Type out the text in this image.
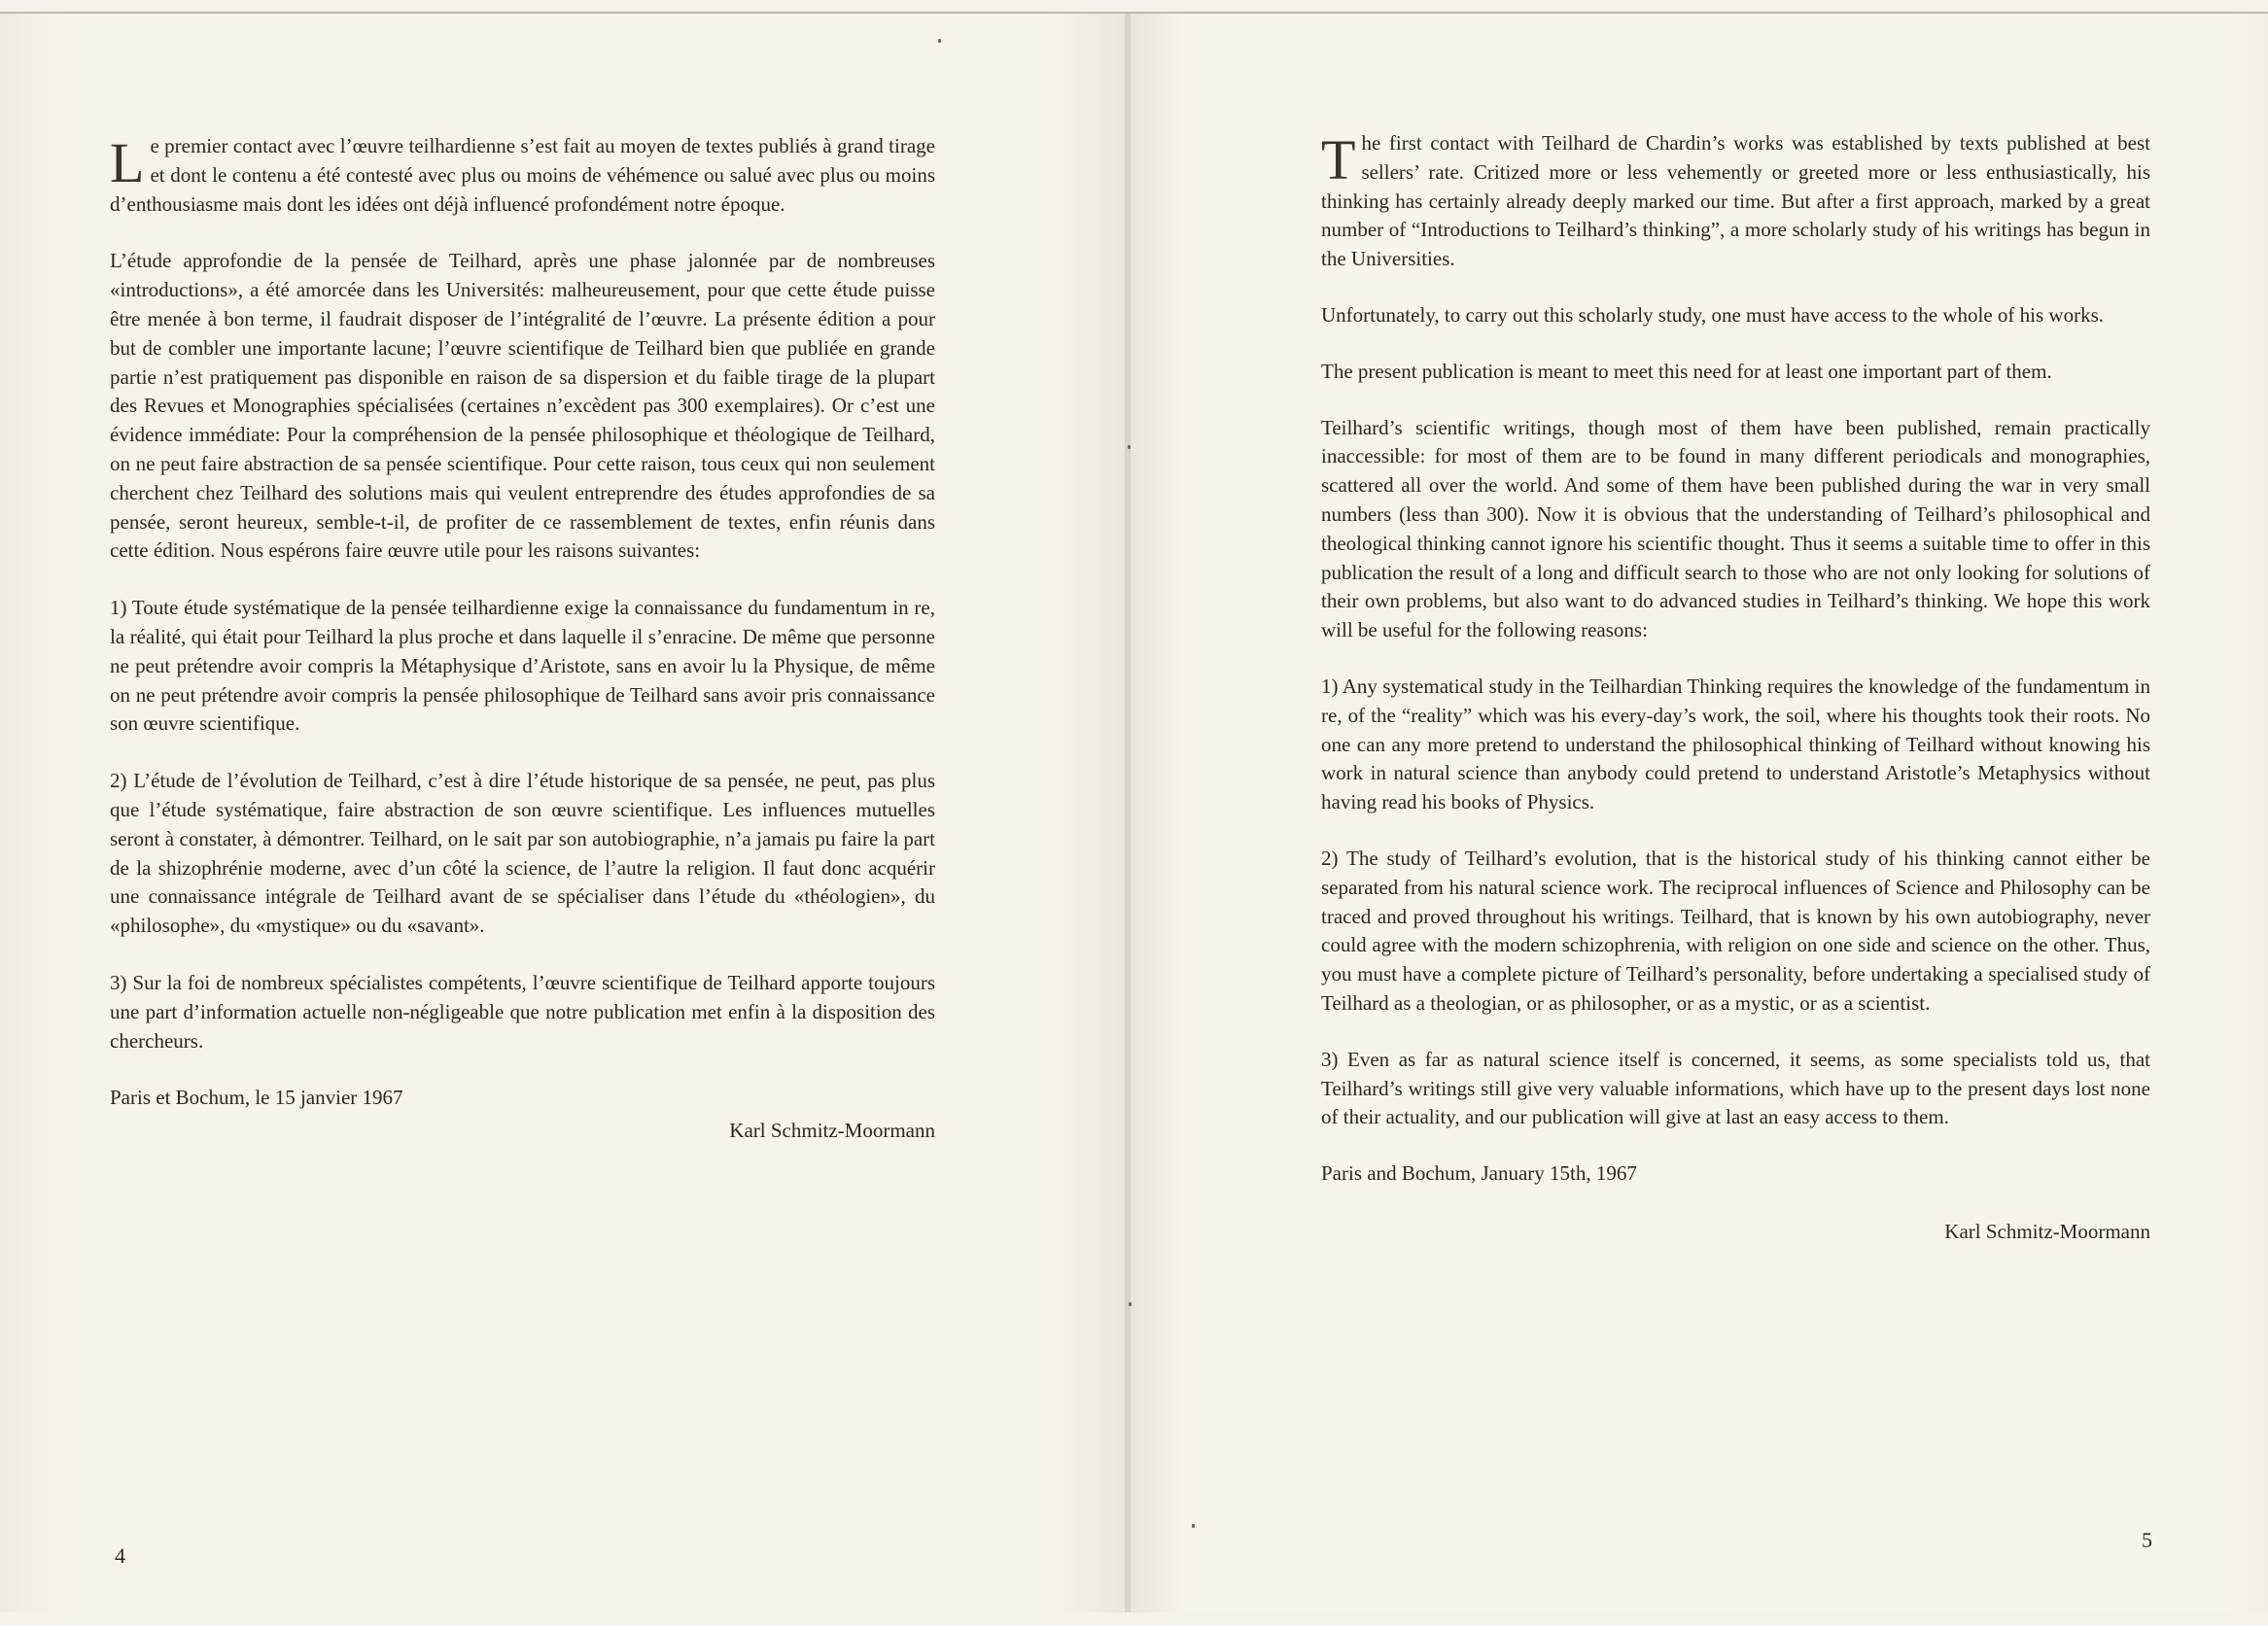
Le premier contact avec l’œuvre teilhardienne s’est fait au moyen de textes publiés à grand tirage et dont le contenu a été contesté avec plus ou moins de véhémence ou salué avec plus ou moins d’enthousiasme mais dont les idées ont déjà influencé profondément notre époque.

L’étude approfondie de la pensée de Teilhard, après une phase jalonnée par de nombreuses «introductions», a été amorcée dans les Universités: malheureusement, pour que cette étude puisse être menée à bon terme, il faudrait disposer de l’intégralité de l’œuvre. La présente édition a pour but de combler une importante lacune; l’œuvre scientifique de Teilhard bien que publiée en grande partie n’est pratiquement pas disponible en raison de sa dispersion et du faible tirage de la plupart des Revues et Monographies spécialisées (certaines n’excèdent pas 300 exemplaires). Or c’est une évidence immédiate: Pour la compréhension de la pensée philosophique et théologique de Teilhard, on ne peut faire abstraction de sa pensée scientifique. Pour cette raison, tous ceux qui non seulement cherchent chez Teilhard des solutions mais qui veulent entreprendre des études approfondies de sa pensée, seront heureux, semble-t-il, de profiter de ce rassemblement de textes, enfin réunis dans cette édition. Nous espérons faire œuvre utile pour les raisons suivantes:

1) Toute étude systématique de la pensée teilhardienne exige la connaissance du fundamentum in re, la réalité, qui était pour Teilhard la plus proche et dans laquelle il s’enracine. De même que personne ne peut prétendre avoir compris la Métaphysique d’Aristote, sans en avoir lu la Physique, de même on ne peut prétendre avoir compris la pensée philosophique de Teilhard sans avoir pris connaissance son œuvre scientifique.

2) L’étude de l’évolution de Teilhard, c’est à dire l’étude historique de sa pensée, ne peut, pas plus que l’étude systématique, faire abstraction de son œuvre scientifique. Les influences mutuelles seront à constater, à démontrer. Teilhard, on le sait par son autobiographie, n’a jamais pu faire la part de la shizophrénie moderne, avec d’un côté la science, de l’autre la religion. Il faut donc acquérir une connaissance intégrale de Teilhard avant de se spécialiser dans l’étude du «théologien», du «philosophe», du «mystique» ou du «savant».

3) Sur la foi de nombreux spécialistes compétents, l’œuvre scientifique de Teilhard apporte toujours une part d’information actuelle non-négligeable que notre publication met enfin à la disposition des chercheurs.

Paris et Bochum, le 15 janvier 1967

Karl Schmitz-Moormann

The first contact with Teilhard de Chardin’s works was established by texts published at best sellers’ rate. Critized more or less vehemently or greeted more or less enthusiastically, his thinking has certainly already deeply marked our time. But after a first approach, marked by a great number of “Introductions to Teilhard’s thinking”, a more scholarly study of his writings has begun in the Universities.

Unfortunately, to carry out this scholarly study, one must have access to the whole of his works.

The present publication is meant to meet this need for at least one important part of them.

Teilhard’s scientific writings, though most of them have been published, remain practically inaccessible: for most of them are to be found in many different periodicals and monographies, scattered all over the world. And some of them have been published during the war in very small numbers (less than 300). Now it is obvious that the understanding of Teilhard’s philosophical and theological thinking cannot ignore his scientific thought. Thus it seems a suitable time to offer in this publication the result of a long and difficult search to those who are not only looking for solutions of their own problems, but also want to do advanced studies in Teilhard’s thinking. We hope this work will be useful for the following reasons:

1) Any systematical study in the Teilhardian Thinking requires the knowledge of the fundamentum in re, of the “reality” which was his every-day’s work, the soil, where his thoughts took their roots. No one can any more pretend to understand the philosophical thinking of Teilhard without knowing his work in natural science than anybody could pretend to understand Aristotle’s Metaphysics without having read his books of Physics.

2) The study of Teilhard’s evolution, that is the historical study of his thinking cannot either be separated from his natural science work. The reciprocal influences of Science and Philosophy can be traced and proved throughout his writings. Teilhard, that is known by his own autobiography, never could agree with the modern schizophrenia, with religion on one side and science on the other. Thus, you must have a complete picture of Teilhard’s personality, before undertaking a specialised study of Teilhard as a theologian, or as philosopher, or as a mystic, or as a scientist.

3) Even as far as natural science itself is concerned, it seems, as some specialists told us, that Teilhard’s writings still give very valuable informations, which have up to the present days lost none of their actuality, and our publication will give at last an easy access to them.

Paris and Bochum, January 15th, 1967

Karl Schmitz-Moormann

4
5
